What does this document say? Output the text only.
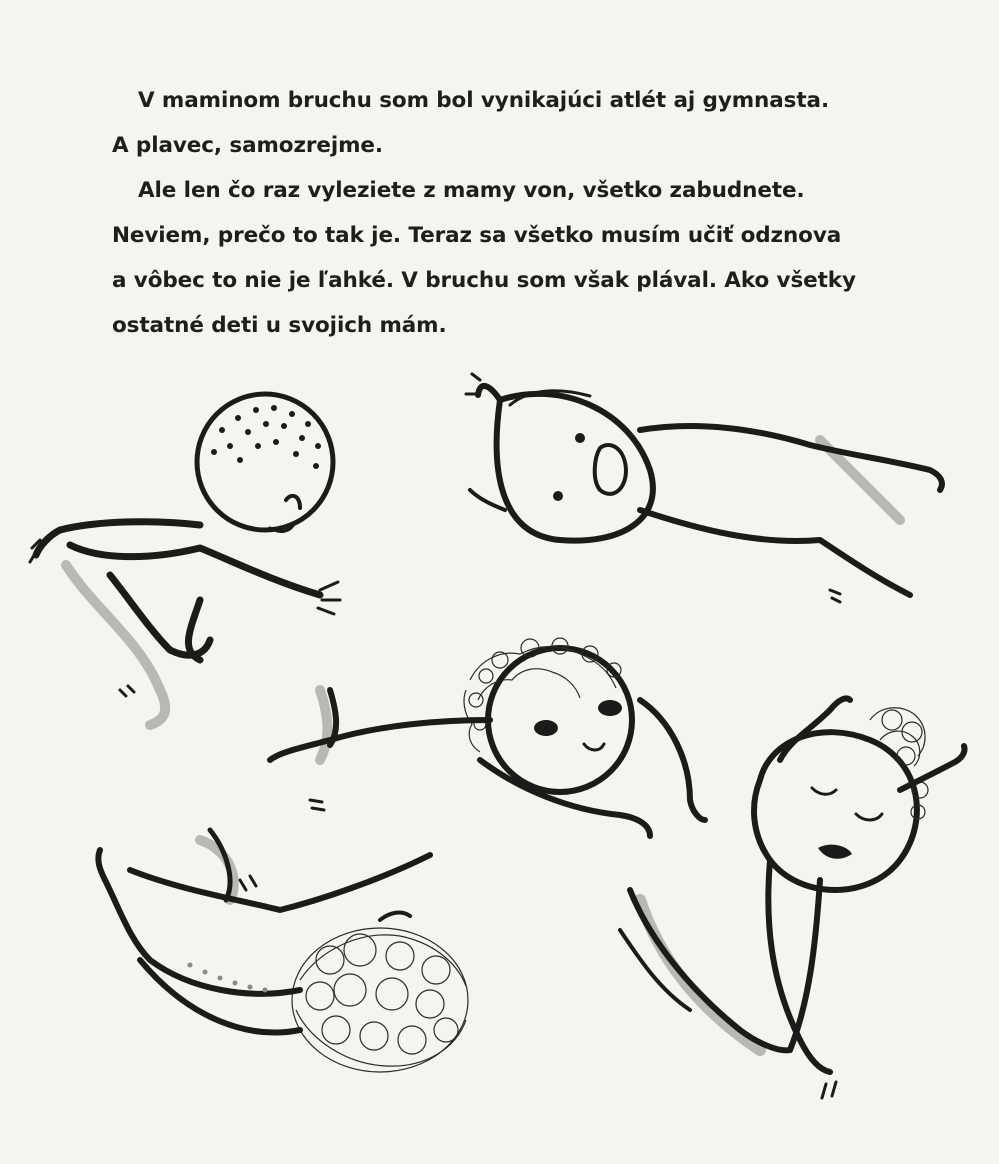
V maminom bruchu som bol vynikajúci atlét aj gymnasta.
A plavec, samozrejme.
Ale len čo raz vyleziete z mamy von, všetko zabudnete.
Neviem, prečo to tak je. Teraz sa všetko musím učiť odznova
a vôbec to nie je ľahké. V bruchu som však plával. Ako všetky
ostatné deti u svojich mám.
